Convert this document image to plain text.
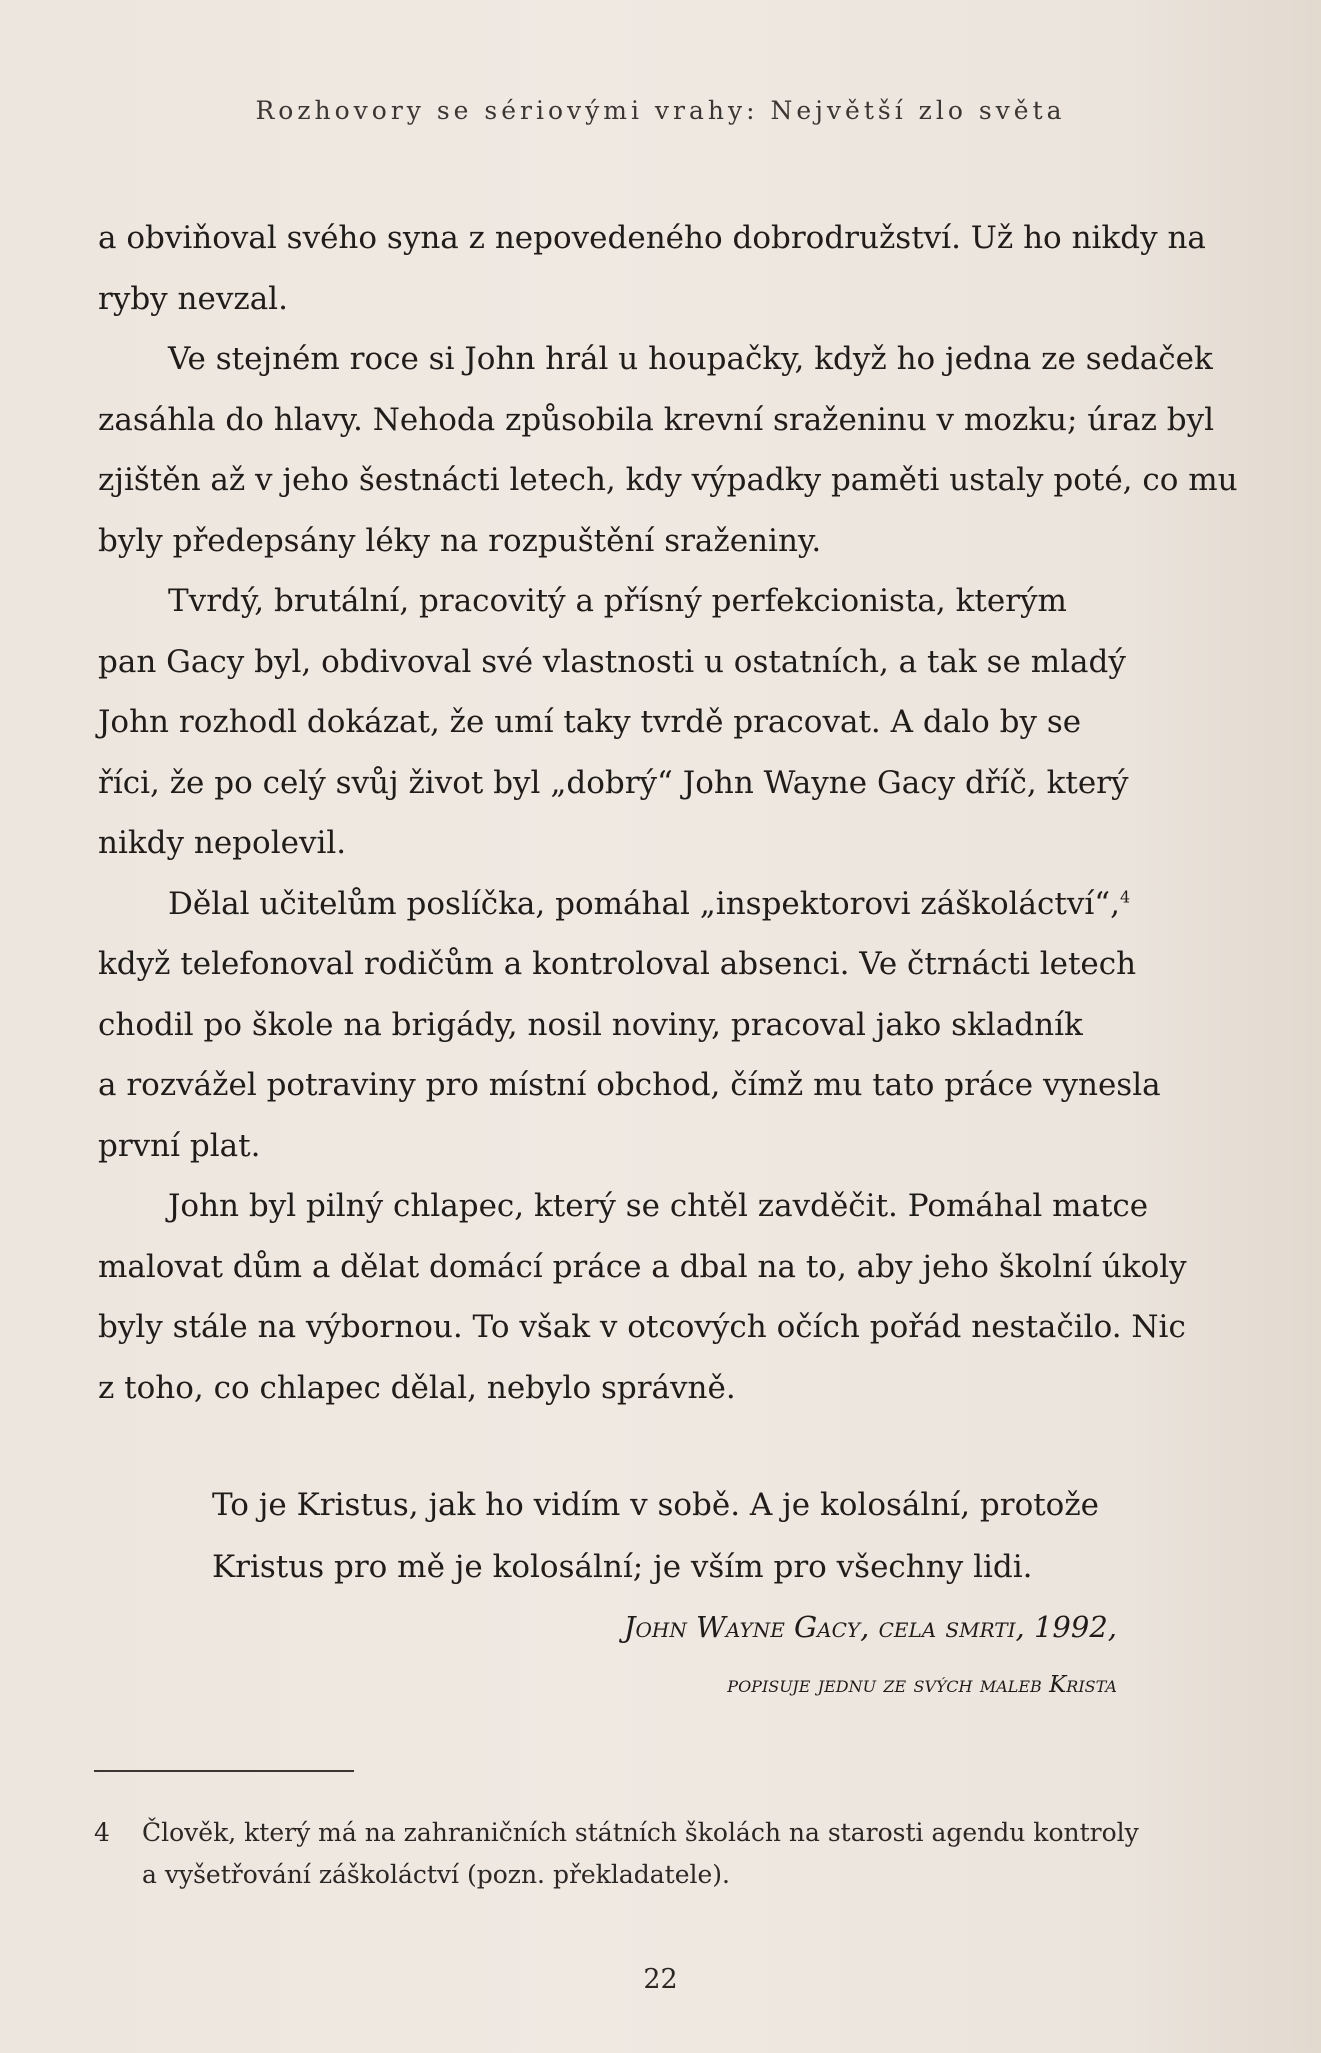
Rozhovory se sériovými vrahy: Největší zlo světa
a obviňoval svého syna z nepovedeného dobrodružství. Už ho nikdy na
ryby nevzal.
Ve stejném roce si John hrál u houpačky, když ho jedna ze sedaček
zasáhla do hlavy. Nehoda způsobila krevní sraženinu v mozku; úraz byl
zjištěn až v jeho šestnácti letech, kdy výpadky paměti ustaly poté, co mu
byly předepsány léky na rozpuštění sraženiny.
Tvrdý, brutální, pracovitý a přísný perfekcionista, kterým
pan Gacy byl, obdivoval své vlastnosti u ostatních, a tak se mladý
John rozhodl dokázat, že umí taky tvrdě pracovat. A dalo by se
říci, že po celý svůj život byl „dobrý“ John Wayne Gacy dříč, který
nikdy nepolevil.
Dělal učitelům poslíčka, pomáhal „inspektorovi záškoláctví“,$^4$
když telefonoval rodičům a kontroloval absenci. Ve čtrnácti letech
chodil po škole na brigády, nosil noviny, pracoval jako skladník
a rozvážel potraviny pro místní obchod, čímž mu tato práce vynesla
první plat.
John byl pilný chlapec, který se chtěl zavděčit. Pomáhal matce
malovat dům a dělat domácí práce a dbal na to, aby jeho školní úkoly
byly stále na výbornou. To však v otcových očích pořád nestačilo. Nic
z toho, co chlapec dělal, nebylo správně.
To je Kristus, jak ho vidím v sobě. A je kolosální, protože
Kristus pro mě je kolosální; je vším pro všechny lidi.
John Wayne Gacy, cela smrti, 1992,
popisuje jednu ze svých maleb Krista
4 Člověk, který má na zahraničních státních školách na starosti agendu kontroly
a vyšetřování záškoláctví (pozn. překladatele).
22
